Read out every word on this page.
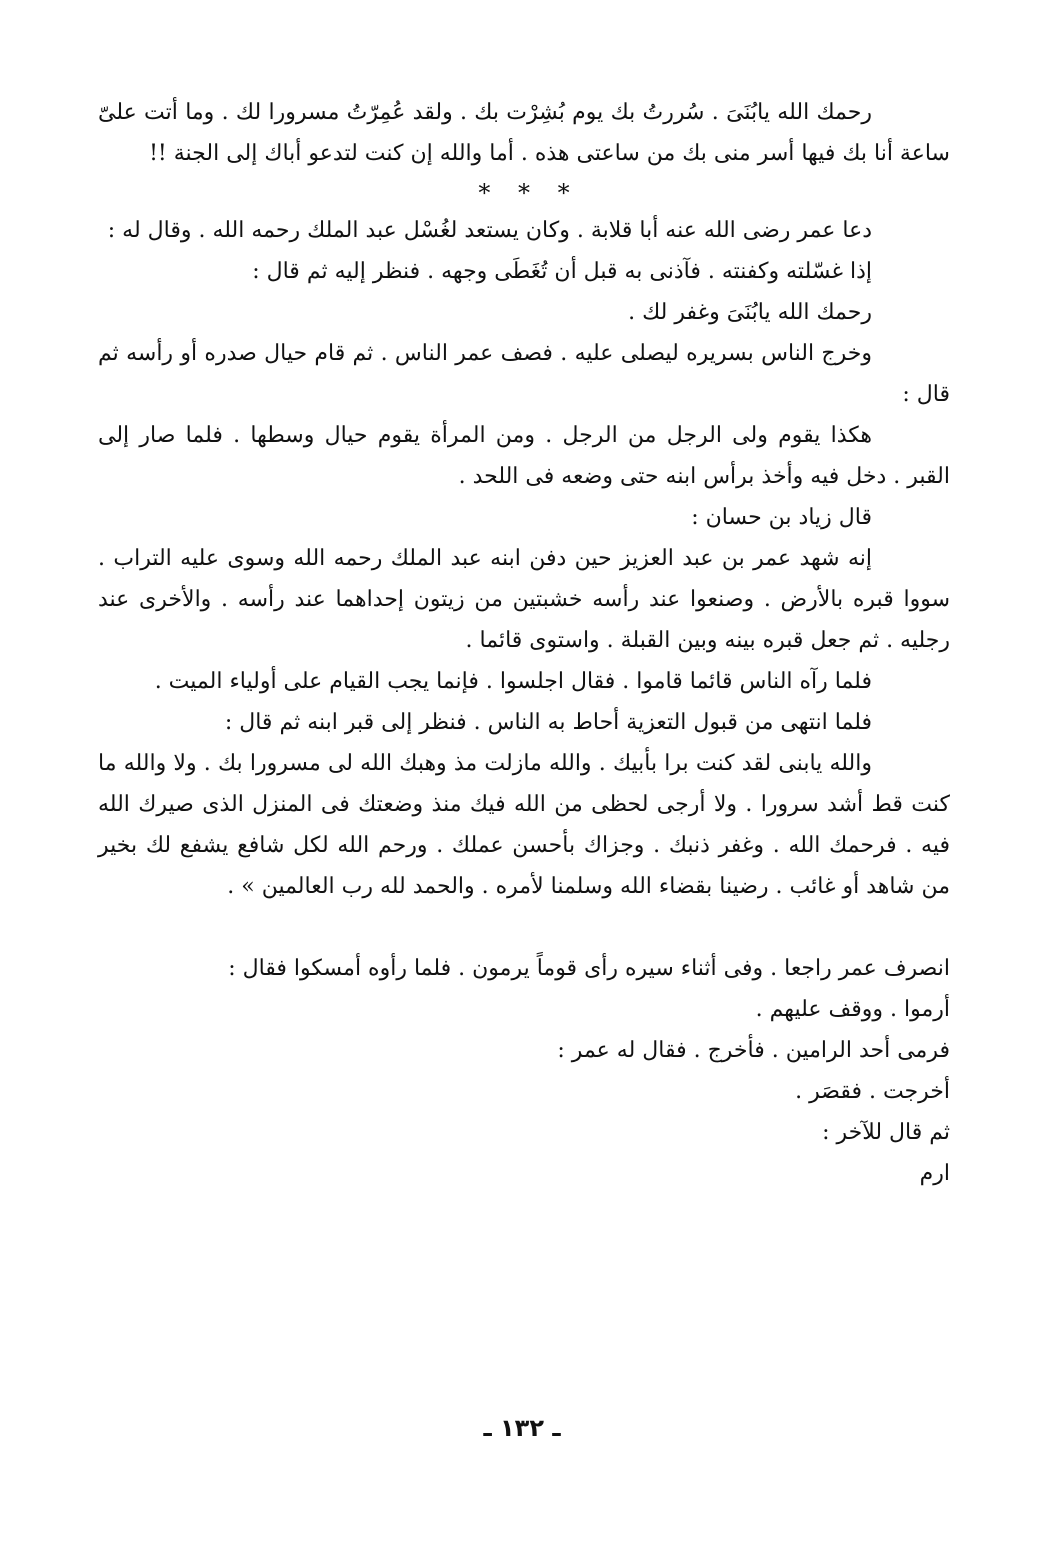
رحمك الله يابُنَىَ . سُررتُ بك يوم بُشِرْت بك . ولقد عُمِرّتُ مسرورا لك . وما أتت علىّ ساعة أنا بك فيها أسر منى بك من ساعتى هذه . أما والله إن كنت لتدعو أباك إلى الجنة !!

* * *

دعا عمر رضى الله عنه أبا قلابة . وكان يستعد لغُسْل عبد الملك رحمه الله . وقال له :

إذا غسّلته وكفنته . فآذنى به قبل أن تُغَطَى وجهه . فنظر إليه ثم قال :

رحمك الله يابُنَىَ وغفر لك .

وخرج الناس بسريره ليصلى عليه . فصف عمر الناس . ثم قام حيال صدره أو رأسه ثم قال :

هكذا يقوم ولى الرجل من الرجل . ومن المرأة يقوم حيال وسطها . فلما صار إلى القبر . دخل فيه وأخذ برأس ابنه حتى وضعه فى اللحد .

قال زياد بن حسان :

إنه شهد عمر بن عبد العزيز حين دفن ابنه عبد الملك رحمه الله وسوى عليه التراب . سووا قبره بالأرض . وصنعوا عند رأسه خشبتين من زيتون إحداهما عند رأسه . والأخرى عند رجليه . ثم جعل قبره بينه وبين القبلة . واستوى قائما .

فلما رآه الناس قائما قاموا . فقال اجلسوا . فإنما يجب القيام على أولياء الميت .

فلما انتهى من قبول التعزية أحاط به الناس . فنظر إلى قبر ابنه ثم قال :

والله يابنى لقد كنت برا بأبيك . والله مازلت مذ وهبك الله لى مسرورا بك . ولا والله ما كنت قط أشد سرورا . ولا أرجى لحظى من الله فيك منذ وضعتك فى المنزل الذى صيرك الله فيه . فرحمك الله . وغفر ذنبك . وجزاك بأحسن عملك . ورحم الله لكل شافع يشفع لك بخير من شاهد أو غائب . رضينا بقضاء الله وسلمنا لأمره . والحمد لله رب العالمين » .

انصرف عمر راجعا . وفى أثناء سيره رأى قوماً يرمون . فلما رأوه أمسكوا فقال :

أرموا . ووقف عليهم .

فرمى أحد الرامين . فأخرج . فقال له عمر :

أخرجت . فقصَر .

ثم قال للآخر :

ارم

ـ ١٣٢ ـ
